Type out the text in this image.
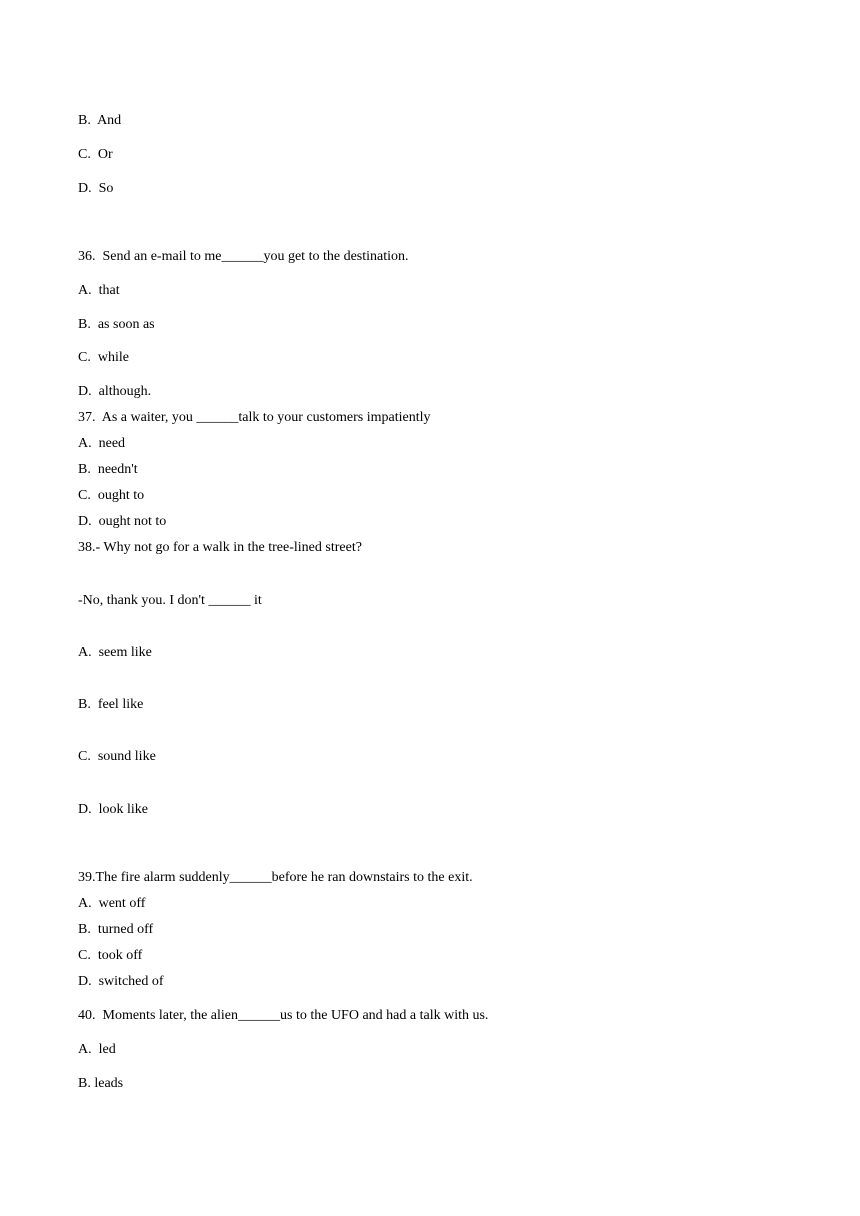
B.  And
C.  Or
D.  So
36.  Send an e-mail to me______you get to the destination.
A.  that
B.  as soon as
C.  while
D.  although.
37.  As a waiter, you ______talk to your customers impatiently
A.  need
B.  needn't
C.  ought to
D.  ought not to
38.- Why not go for a walk in the tree-lined street?
-No, thank you. I don't ______ it
A.  seem like
B.  feel like
C.  sound like
D.  look like
39.The fire alarm suddenly______before he ran downstairs to the exit.
A.  went off
B.  turned off
C.  took off
D.  switched of
40.  Moments later, the alien______us to the UFO and had a talk with us.
A.  led
B. leads
